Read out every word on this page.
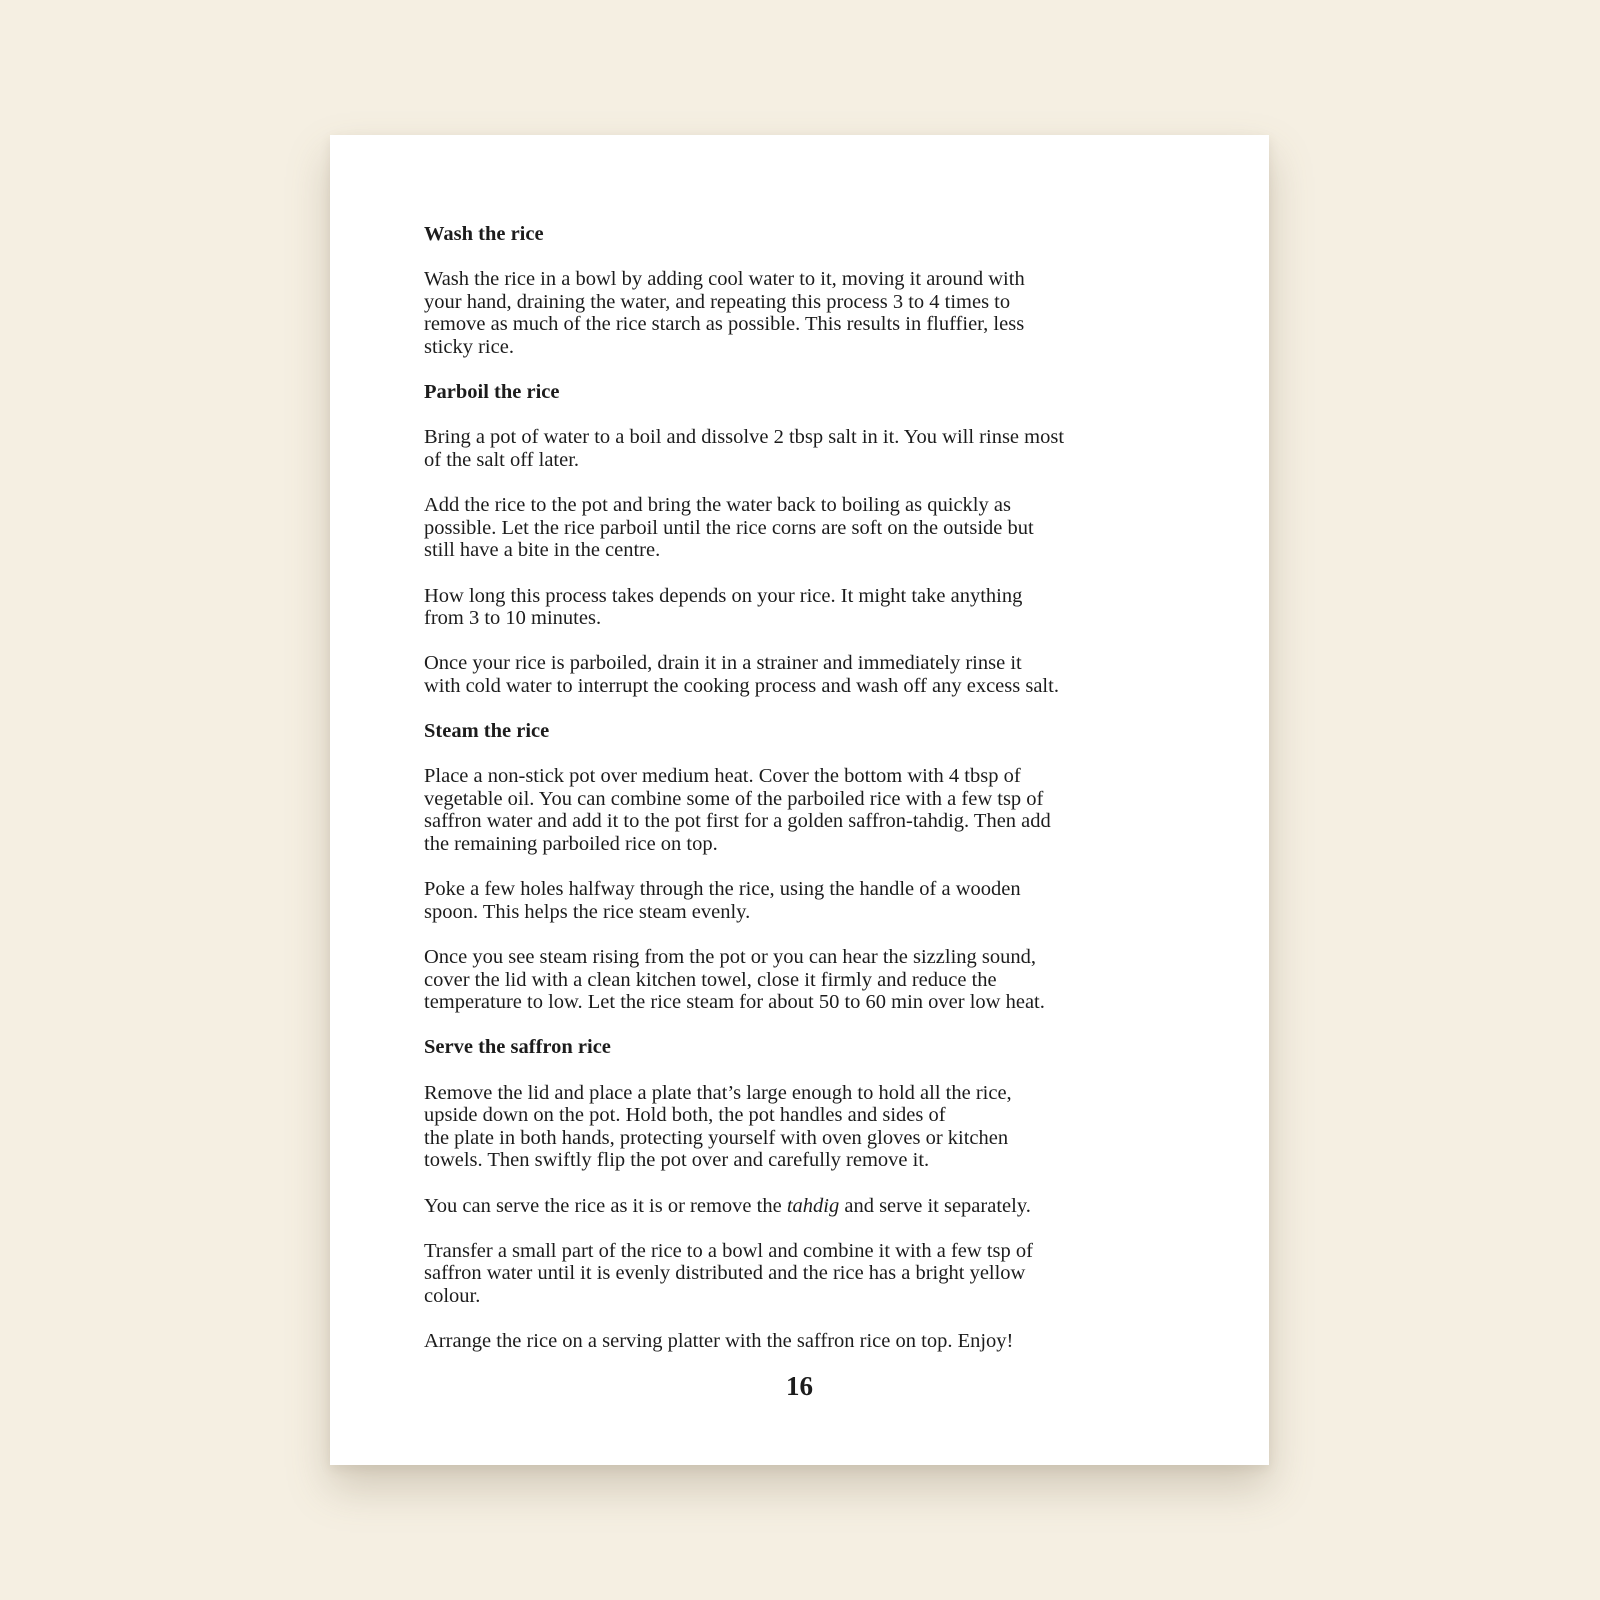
Wash the rice

Wash the rice in a bowl by adding cool water to it, moving it around with
your hand, draining the water, and repeating this process 3 to 4 times to
remove as much of the rice starch as possible. This results in fluffier, less
sticky rice.

Parboil the rice

Bring a pot of water to a boil and dissolve 2 tbsp salt in it. You will rinse most
of the salt off later.

Add the rice to the pot and bring the water back to boiling as quickly as
possible. Let the rice parboil until the rice corns are soft on the outside but
still have a bite in the centre.

How long this process takes depends on your rice. It might take anything
from 3 to 10 minutes.

Once your rice is parboiled, drain it in a strainer and immediately rinse it
with cold water to interrupt the cooking process and wash off any excess salt.

Steam the rice

Place a non-stick pot over medium heat. Cover the bottom with 4 tbsp of
vegetable oil. You can combine some of the parboiled rice with a few tsp of
saffron water and add it to the pot first for a golden saffron-tahdig. Then add
the remaining parboiled rice on top.

Poke a few holes halfway through the rice, using the handle of a wooden
spoon. This helps the rice steam evenly.

Once you see steam rising from the pot or you can hear the sizzling sound,
cover the lid with a clean kitchen towel, close it firmly and reduce the
temperature to low. Let the rice steam for about 50 to 60 min over low heat.

Serve the saffron rice

Remove the lid and place a plate that’s large enough to hold all the rice,
upside down on the pot. Hold both, the pot handles and sides of
the plate in both hands, protecting yourself with oven gloves or kitchen
towels. Then swiftly flip the pot over and carefully remove it.

You can serve the rice as it is or remove the tahdig and serve it separately.

Transfer a small part of the rice to a bowl and combine it with a few tsp of
saffron water until it is evenly distributed and the rice has a bright yellow
colour.

Arrange the rice on a serving platter with the saffron rice on top. Enjoy!

16
